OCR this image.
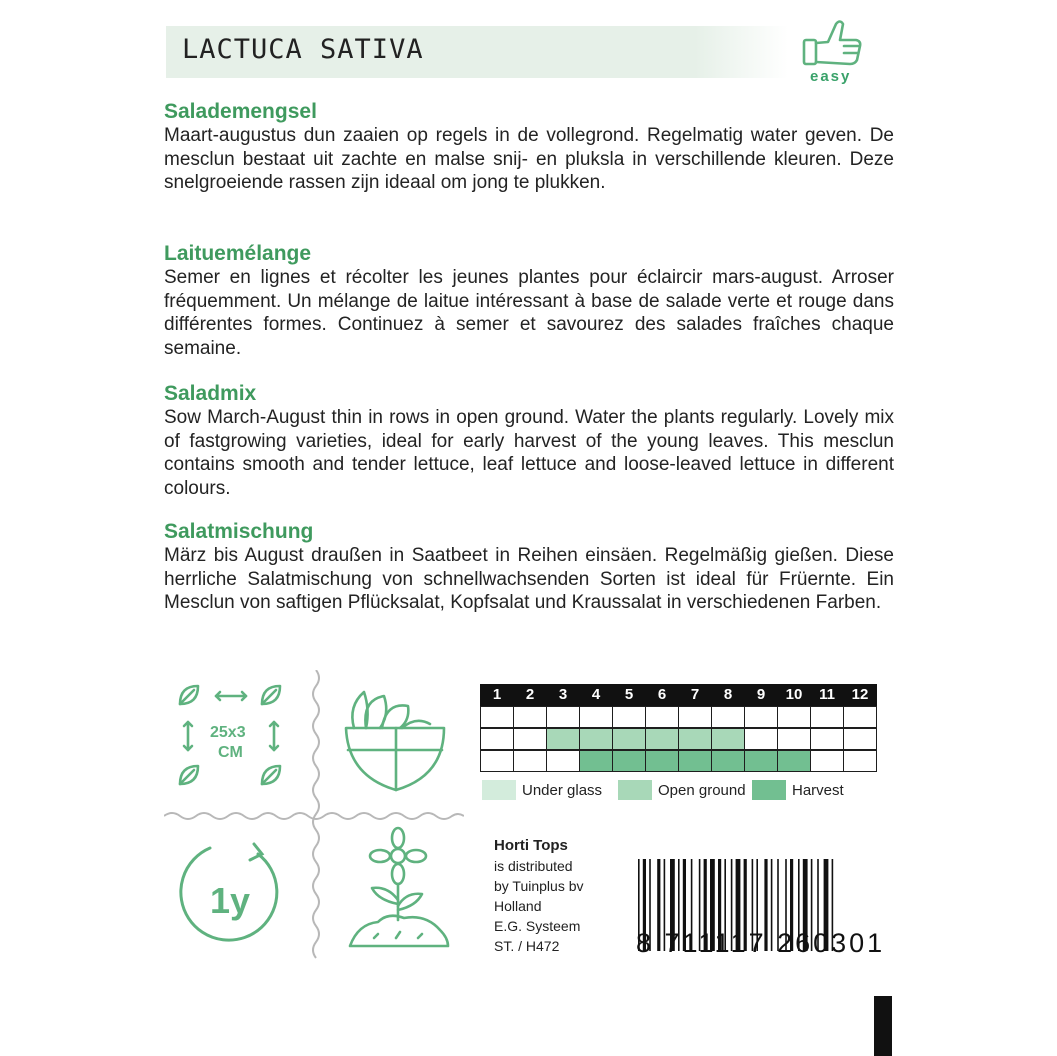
LACTUCA SATIVA
easy
Salademengsel

Maart-augustus dun zaaien op regels in de vollegrond. Regelmatig water geven. De mesclun bestaat uit zachte en malse snij- en pluksla in verschillende kleuren. Deze snelgroeiende rassen zijn ideaal om jong te plukken.

Laituemélange

Semer en lignes et récolter les jeunes plantes pour éclaircir mars-august. Arroser fréquemment. Un mélange de laitue intéressant à base de salade verte et rouge dans différentes formes. Continuez à semer et savourez des salades fraîches chaque semaine.

Saladmix

Sow March-August thin in rows in open ground. Water the plants regularly. Lovely mix of fastgrowing varieties, ideal for early harvest of the young leaves. This mesclun contains smooth and tender lettuce, leaf lettuce and loose-leaved lettuce in different colours.

Salatmischung

März bis August draußen in Saatbeet in Reihen einsäen. Regelmäßig gießen. Diese herrliche Salatmischung von schnellwachsenden Sorten ist ideal für Früernte. Ein Mesclun von saftigen Pflücksalat, Kopfsalat und Kraussalat in verschiedenen Farben.

25x3
CM
1y
1	2	3	4	5	6	7	8	9	10	11	12
Under glass	Open ground	Harvest
Horti Tops
is distributed
by Tuinplus bv
Holland
E.G. Systeem
ST. / H472	8 711117 260301
